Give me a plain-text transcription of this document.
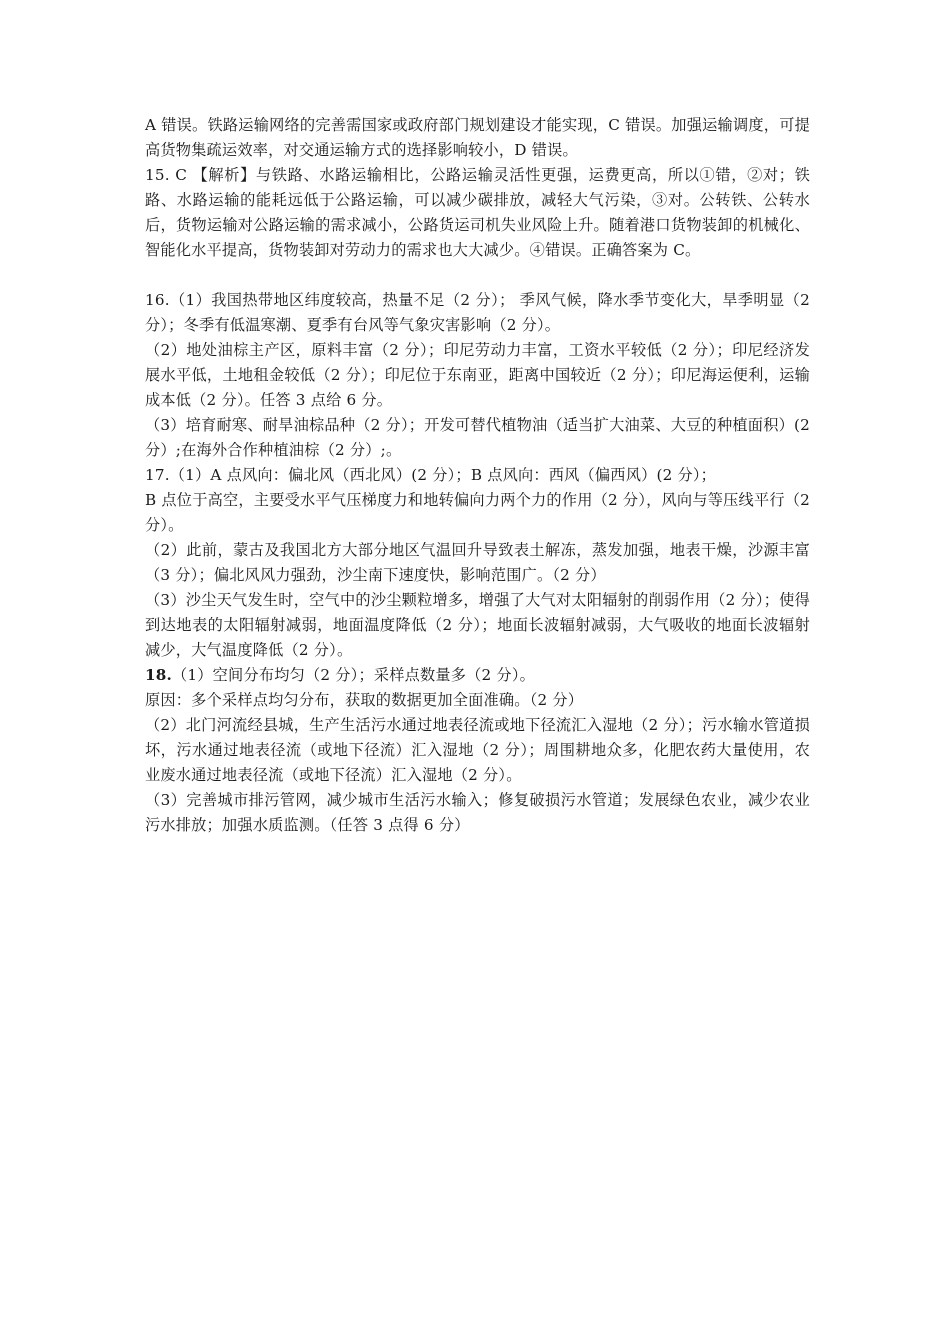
A 错误。铁路运输网络的完善需国家或政府部门规划建设才能实现，C 错误。加强运输调度，可提高货物集疏运效率，对交通运输方式的选择影响较小，D 错误。

15. C 【解析】与铁路、水路运输相比，公路运输灵活性更强，运费更高，所以①错，②对；铁路、水路运输的能耗远低于公路运输，可以减少碳排放，减轻大气污染，③对。公转铁、公转水后，货物运输对公路运输的需求减小，公路货运司机失业风险上升。随着港口货物装卸的机械化、智能化水平提高，货物装卸对劳动力的需求也大大减少。④错误。正确答案为 C。

16.（1）我国热带地区纬度较高，热量不足（2 分）； 季风气候，降水季节变化大，旱季明显（2 分）；冬季有低温寒潮、夏季有台风等气象灾害影响（2 分）。

（2）地处油棕主产区，原料丰富（2 分）；印尼劳动力丰富，工资水平较低（2 分）；印尼经济发展水平低，土地租金较低（2 分）；印尼位于东南亚，距离中国较近（2 分）；印尼海运便利，运输成本低（2 分）。任答 3 点给 6 分。

（3）培育耐寒、耐旱油棕品种（2 分）；开发可替代植物油（适当扩大油菜、大豆的种植面积）(2 分）;在海外合作种植油棕（2 分）;。

17.（1）A 点风向：偏北风（西北风）(2 分）；B 点风向：西风（偏西风）(2 分）；

B 点位于高空，主要受水平气压梯度力和地转偏向力两个力的作用（2 分），风向与等压线平行（2 分）。

（2）此前，蒙古及我国北方大部分地区气温回升导致表土解冻，蒸发加强，地表干燥，沙源丰富（3 分）；偏北风风力强劲，沙尘南下速度快，影响范围广。（2 分）

（3）沙尘天气发生时，空气中的沙尘颗粒增多，增强了大气对太阳辐射的削弱作用（2 分）；使得到达地表的太阳辐射减弱，地面温度降低（2 分）；地面长波辐射减弱，大气吸收的地面长波辐射减少，大气温度降低（2 分）。

18.（1）空间分布均匀（2 分）；采样点数量多（2 分）。

原因：多个采样点均匀分布，获取的数据更加全面准确。（2 分）

（2）北门河流经县城，生产生活污水通过地表径流或地下径流汇入湿地（2 分）；污水输水管道损坏，污水通过地表径流（或地下径流）汇入湿地（2 分）；周围耕地众多，化肥农药大量使用，农业废水通过地表径流（或地下径流）汇入湿地（2 分）。

（3）完善城市排污管网，减少城市生活污水输入；修复破损污水管道；发展绿色农业，减少农业污水排放；加强水质监测。（任答 3 点得 6 分）
